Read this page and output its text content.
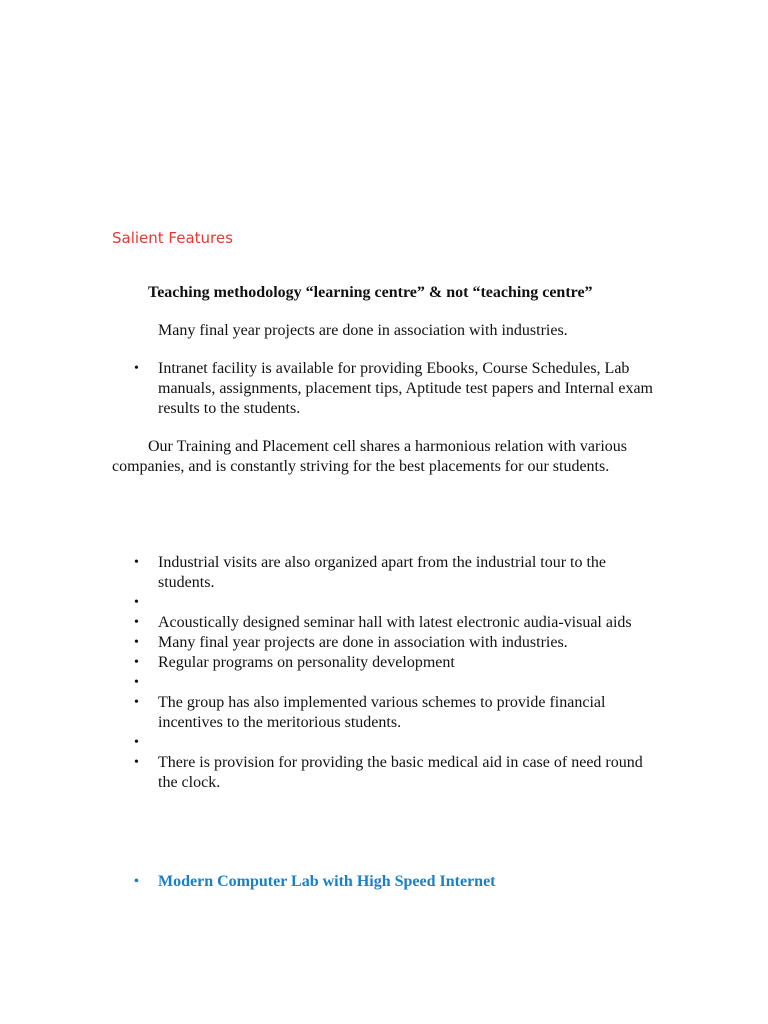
Salient Features

Teaching methodology “learning centre” & not “teaching centre”

Many final year projects are done in association with industries.

• Intranet facility is available for providing Ebooks, Course Schedules, Lab manuals, assignments, placement tips, Aptitude test papers and Internal exam results to the students.

Our Training and Placement cell shares a harmonious relation with various companies, and is constantly striving for the best placements for our students.

• Industrial visits are also organized apart from the industrial tour to the students.
•
• Acoustically designed seminar hall with latest electronic audia-visual aids
• Many final year projects are done in association with industries.
• Regular programs on personality development
•
• The group has also implemented various schemes to provide financial incentives to the meritorious students.
•
• There is provision for providing the basic medical aid in case of need round the clock.
• Modern Computer Lab with High Speed Internet
